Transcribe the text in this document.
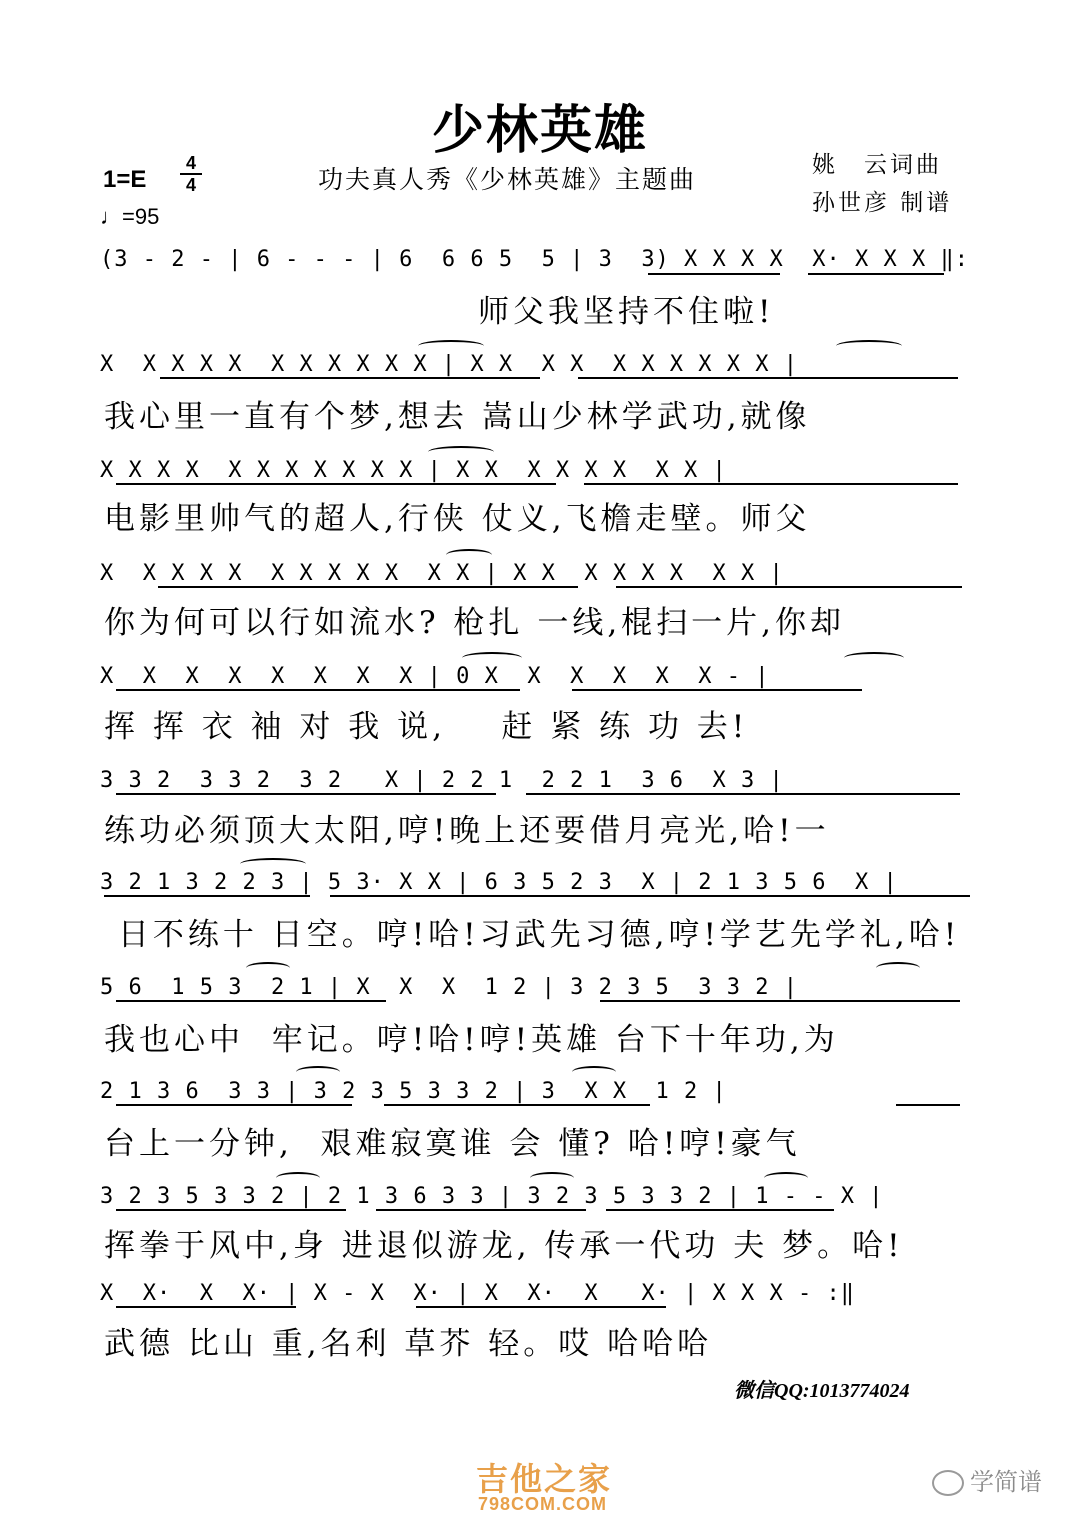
少林英雄
功夫真人秀《少林英雄》主题曲	姚　云词曲
孙世彦 制谱
1=E
4
4
♩=95
(3 - 2 - | 6 - - - | 6  6 6 5  5 | 3  3) X X X X  X· X X X ‖:
师父我坚持不住啦!
X  X X X X  X X X X X X | X X  X X  X X X X X X |
我心里一直有个梦,想去 嵩山少林学武功,就像
X X X X  X X X X X X X | X X  X X X X  X X |
电影里帅气的超人,行侠 仗义,飞檐走壁。师父
X  X X X X  X X X X X  X X | X X  X X X X  X X |
你为何可以行如流水? 枪扎 一线,棍扫一片,你却
X  X  X  X  X  X  X  X | 0 X  X  X  X  X  X - |
挥 挥 衣 袖 对 我 说,    赶 紧 练 功 去!
3 3 2  3 3 2  3 2   X | 2 2 1  2 2 1  3 6  X 3 |
练功必须顶大太阳,哼!晚上还要借月亮光,哈!一
3 2 1 3 2 2 3 | 5 3· X X | 6 3 5 2 3  X | 2 1 3 5 6  X |
日不练十 日空。哼!哈!习武先习德,哼!学艺先学礼,哈!
5 6  1 5 3  2 1 | X  X  X  1 2 | 3 2 3 5  3 3 2 |
我也心中  牢记。哼!哈!哼!英雄 台下十年功,为
2 1 3 6  3 3 | 3 2 3 5 3 3 2 | 3  X X  1 2 |
台上一分钟,  艰难寂寞谁 会 懂? 哈!哼!豪气
3 2 3 5 3 3 2 | 2 1 3 6 3 3 | 3 2 3 5 3 3 2 | 1 - - X |
挥拳于风中,身 进退似游龙, 传承一代功 夫 梦。哈!
X  X·  X  X· | X - X  X· | X  X·  X   X· | X X X - :‖
武德 比山 重,名利 草芥 轻。哎 哈哈哈
微信QQ:1013774024
吉他之家
798COM.COM
学简谱
